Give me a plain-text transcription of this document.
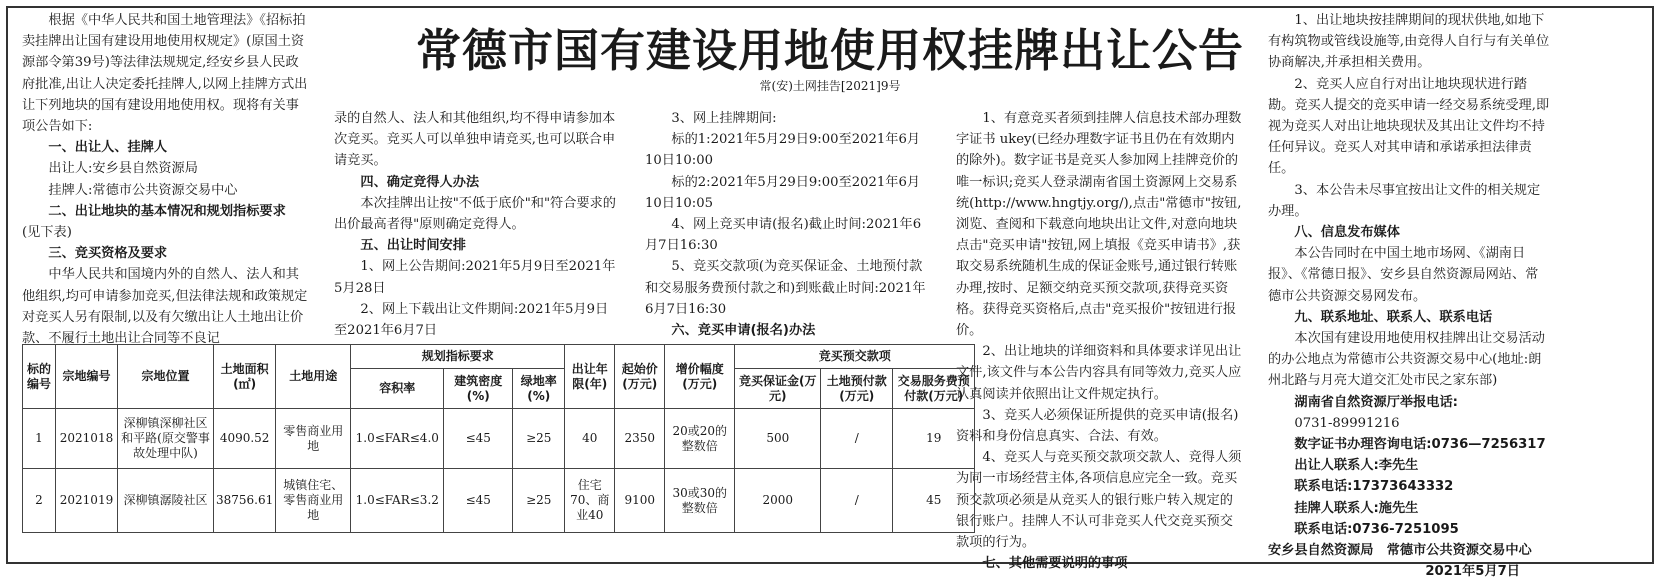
常德市国有建设用地使用权挂牌出让公告
常(安)土网挂告[2021]9号

根据《中华人民共和国土地管理法》《招标拍卖挂牌出让国有建设用地使用权规定》(原国土资源部令第39号)等法律法规规定,经安乡县人民政府批准,出让人决定委托挂牌人,以网上挂牌方式出让下列地块的国有建设用地使用权。现将有关事项公告如下:

一、出让人、挂牌人

出让人:安乡县自然资源局

挂牌人:常德市公共资源交易中心

二、出让地块的基本情况和规划指标要求

(见下表)

三、竞买资格及要求

中华人民共和国境内外的自然人、法人和其他组织,均可申请参加竞买,但法律法规和政策规定对竞买人另有限制,以及有欠缴出让人土地出让价款、不履行土地出让合同等不良记

录的自然人、法人和其他组织,均不得申请参加本次竞买。竞买人可以单独申请竞买,也可以联合申请竞买。

四、确定竞得人办法

本次挂牌出让按"不低于底价"和"符合要求的出价最高者得"原则确定竞得人。

五、出让时间安排

1、网上公告期间:2021年5月9日至2021年5月28日

2、网上下载出让文件期间:2021年5月9日至2021年6月7日

3、网上挂牌期间:

标的1:2021年5月29日9:00至2021年6月10日10:00

标的2:2021年5月29日9:00至2021年6月10日10:05

4、网上竞买申请(报名)截止时间:2021年6月7日16:30

5、竞买交款项(为竞买保证金、土地预付款和交易服务费预付款之和)到账截止时间:2021年6月7日16:30

六、竞买申请(报名)办法

1、有意竞买者须到挂牌人信息技术部办理数字证书 ukey(已经办理数字证书且仍在有效期内的除外)。数字证书是竞买人参加网上挂牌竞价的唯一标识;竞买人登录湖南省国土资源网上交易系统(http://www.hngtjy.org/),点击"常德市"按钮,浏览、查阅和下载意向地块出让文件,对意向地块点击"竞买申请"按钮,网上填报《竞买申请书》,获取交易系统随机生成的保证金账号,通过银行转账办理,按时、足额交纳竞买预交款项,获得竞买资格。获得竞买资格后,点击"竞买报价"按钮进行报价。

2、出让地块的详细资料和具体要求详见出让文件,该文件与本公告内容具有同等效力,竞买人应认真阅读并依照出让文件规定执行。

3、竞买人必须保证所提供的竞买申请(报名)资料和身份信息真实、合法、有效。

4、竞买人与竞买预交款项交款人、竞得人须为同一市场经营主体,各项信息应完全一致。竞买预交款项必须是从竞买人的银行账户转入规定的银行账户。挂牌人不认可非竞买人代交竞买预交款项的行为。

七、其他需要说明的事项

1、出让地块按挂牌期间的现状供地,如地下有构筑物或管线设施等,由竞得人自行与有关单位协商解决,并承担相关费用。

2、竞买人应自行对出让地块现状进行踏勘。竞买人提交的竞买申请一经交易系统受理,即视为竞买人对出让地块现状及其出让文件均不持任何异议。竞买人对其申请和承诺承担法律责任。

3、本公告未尽事宜按出让文件的相关规定办理。

八、信息发布媒体

本公告同时在中国土地市场网、《湖南日报》、《常德日报》、安乡县自然资源局网站、常德市公共资源交易网发布。

九、联系地址、联系人、联系电话

本次国有建设用地使用权挂牌出让交易活动的办公地点为常德市公共资源交易中心(地址:朗州北路与月亮大道交汇处市民之家东部)

湖南省自然资源厅举报电话:

0731-89991216

数字证书办理咨询电话:0736—7256317

出让人联系人:李先生

联系电话:17373643332

挂牌人联系人:施先生

联系电话:0736-7251095

安乡县自然资源局　常德市公共资源交易中心

2021年5月7日

标的编号	宗地编号	宗地位置	土地面积(㎡)	土地用途	规划指标要求			出让年限(年)	起始价(万元)	增价幅度(万元)	竞买预交款项		
					容积率	建筑密度(%)	绿地率(%)				竞买保证金(万元)	土地预付款(万元)	交易服务费预付款(万元)
1	2021018	深柳镇深柳社区和平路(原交警事故处理中队)	4090.52	零售商业用地	1.0≤FAR≤4.0	≤45	≥25	40	2350	20或20的整数倍	500	/	19
2	2021019	深柳镇潺陵社区	38756.61	城镇住宅、零售商业用地	1.0≤FAR≤3.2	≤45	≥25	住宅70、商业40	9100	30或30的整数倍	2000	/	45
